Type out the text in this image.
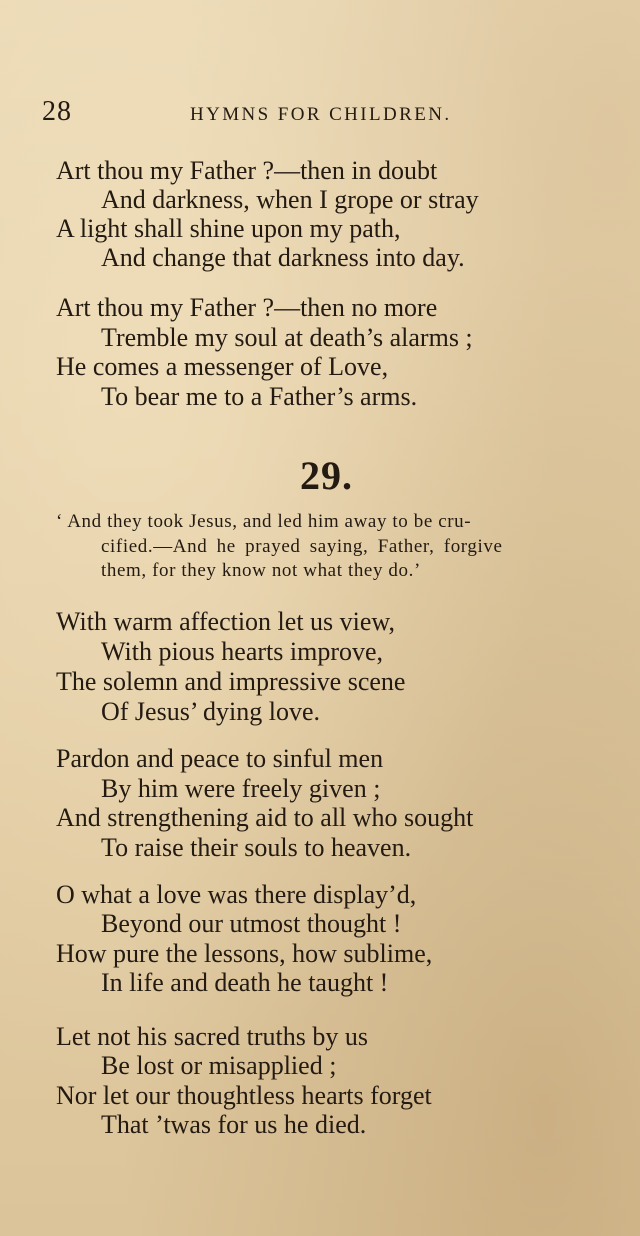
28	HYMNS FOR CHILDREN.
Art thou my Father ?—then in doubt
And darkness, when I grope or stray
A light shall shine upon my path,
And change that darkness into day.
Art thou my Father ?—then no more
Tremble my soul at death’s alarms ;
He comes a messenger of Love,
To bear me to a Father’s arms.
29.
‘ And they took Jesus, and led him away to be cru-
cified.—And he prayed saying, Father, forgive
them, for they know not what they do.’
With warm affection let us view,
With pious hearts improve,
The solemn and impressive scene
Of Jesus’ dying love.
Pardon and peace to sinful men
By him were freely given ;
And strengthening aid to all who sought
To raise their souls to heaven.
O what a love was there display’d,
Beyond our utmost thought !
How pure the lessons, how sublime,
In life and death he taught !
Let not his sacred truths by us
Be lost or misapplied ;
Nor let our thoughtless hearts forget
That ’twas for us he died.
